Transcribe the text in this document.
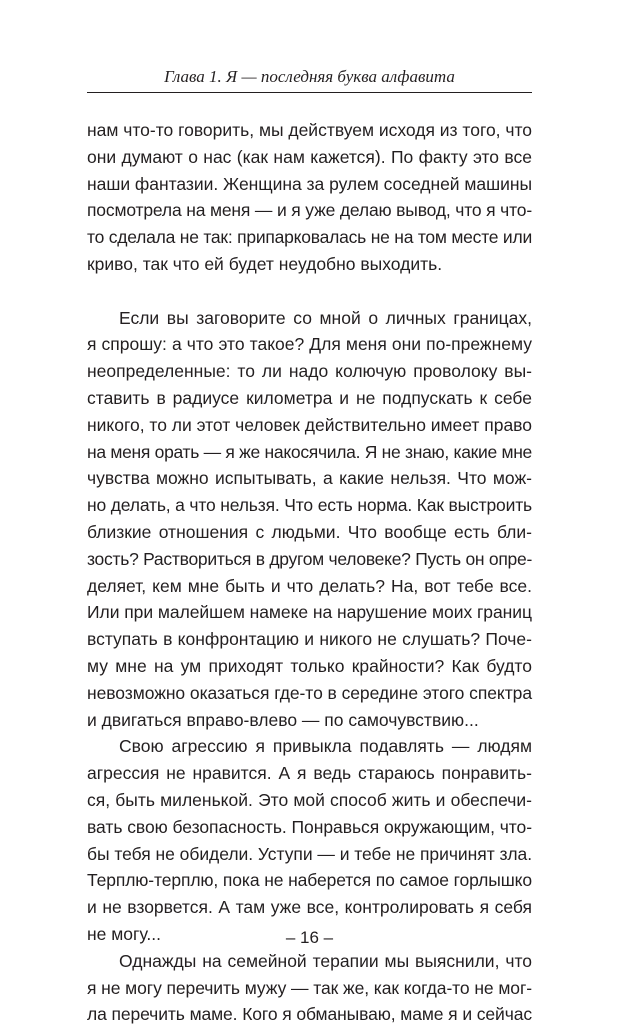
Глава 1. Я — последняя буква алфавита
нам что-то говорить, мы действуем исходя из того, что
они думают о нас (как нам кажется). По факту это все
наши фантазии. Женщина за рулем соседней машины
посмотрела на меня — и я уже делаю вывод, что я что-
то сделала не так: припарковалась не на том месте или
криво, так что ей будет неудобно выходить.
Если вы заговорите со мной о личных границах,
я спрошу: а что это такое? Для меня они по-прежнему
неопределенные: то ли надо колючую проволоку вы-
ставить в радиусе километра и не подпускать к себе
никого, то ли этот человек действительно имеет право
на меня орать — я же накосячила. Я не знаю, какие мне
чувства можно испытывать, а какие нельзя. Что мож-
но делать, а что нельзя. Что есть норма. Как выстроить
близкие отношения с людьми. Что вообще есть бли-
зость? Раствориться в другом человеке? Пусть он опре-
деляет, кем мне быть и что делать? На, вот тебе все.
Или при малейшем намеке на нарушение моих границ
вступать в конфронтацию и никого не слушать? Поче-
му мне на ум приходят только крайности? Как будто
невозможно оказаться где-то в середине этого спектра
и двигаться вправо-влево — по самочувствию...
Свою агрессию я привыкла подавлять — людям
агрессия не нравится. А я ведь стараюсь понравить-
ся, быть миленькой. Это мой способ жить и обеспечи-
вать свою безопасность. Понравься окружающим, что-
бы тебя не обидели. Уступи — и тебе не причинят зла.
Терплю-терплю, пока не наберется по самое горлышко
и не взорвется. А там уже все, контролировать я себя
не могу...
Однажды на семейной терапии мы выяснили, что
я не могу перечить мужу — так же, как когда-то не мог-
ла перечить маме. Кого я обманываю, маме я и сейчас
– 16 –
